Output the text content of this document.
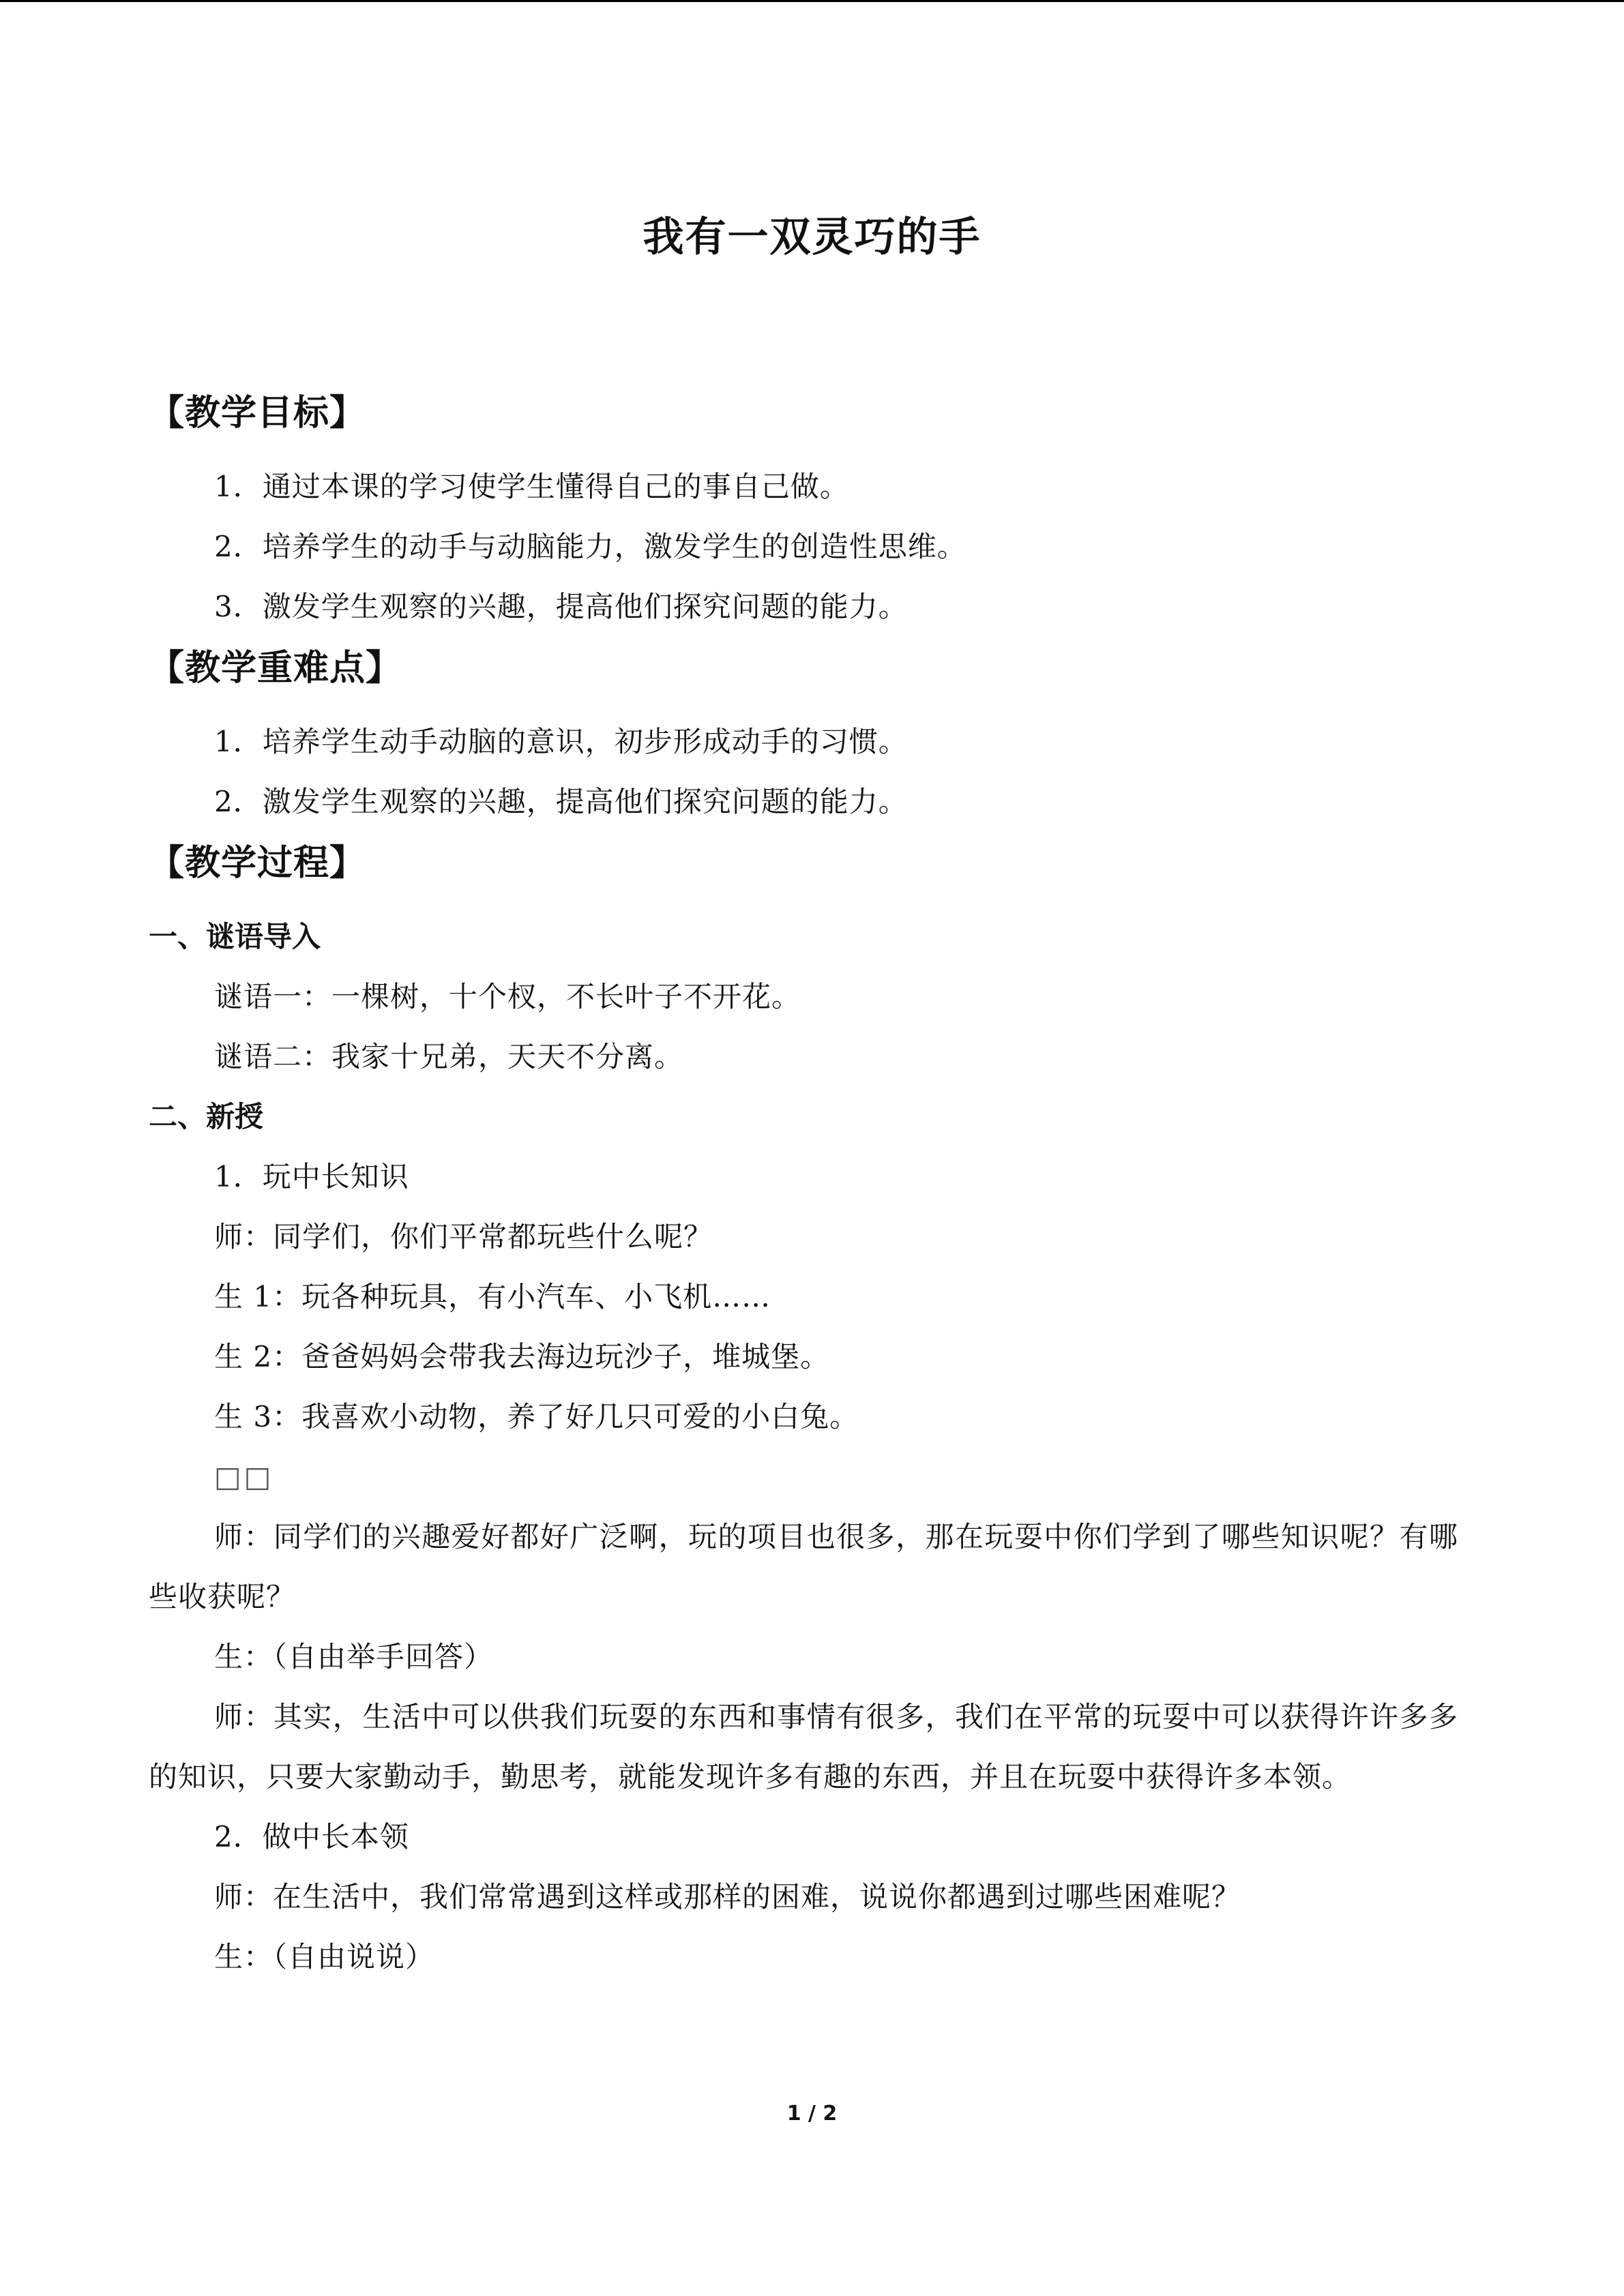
我有一双灵巧的手
【教学目标】
1．通过本课的学习使学生懂得自己的事自己做。
2．培养学生的动手与动脑能力，激发学生的创造性思维。
3．激发学生观察的兴趣，提高他们探究问题的能力。
【教学重难点】
1．培养学生动手动脑的意识，初步形成动手的习惯。
2．激发学生观察的兴趣，提高他们探究问题的能力。
【教学过程】
一、谜语导入
谜语一：一棵树，十个杈，不长叶子不开花。
谜语二：我家十兄弟，天天不分离。
二、新授
1．玩中长知识
师：同学们，你们平常都玩些什么呢？
生 1：玩各种玩具，有小汽车、小飞机……
生 2：爸爸妈妈会带我去海边玩沙子，堆城堡。
生 3：我喜欢小动物，养了好几只可爱的小白兔。
□□

师：同学们的兴趣爱好都好广泛啊，玩的项目也很多，那在玩耍中你们学到了哪些知识呢？有哪些收获呢？

生：（自由举手回答）

师：其实，生活中可以供我们玩耍的东西和事情有很多，我们在平常的玩耍中可以获得许许多多的知识，只要大家勤动手，勤思考，就能发现许多有趣的东西，并且在玩耍中获得许多本领。

2．做中长本领
师：在生活中，我们常常遇到这样或那样的困难，说说你都遇到过哪些困难呢？
生：（自由说说）
1 / 2
